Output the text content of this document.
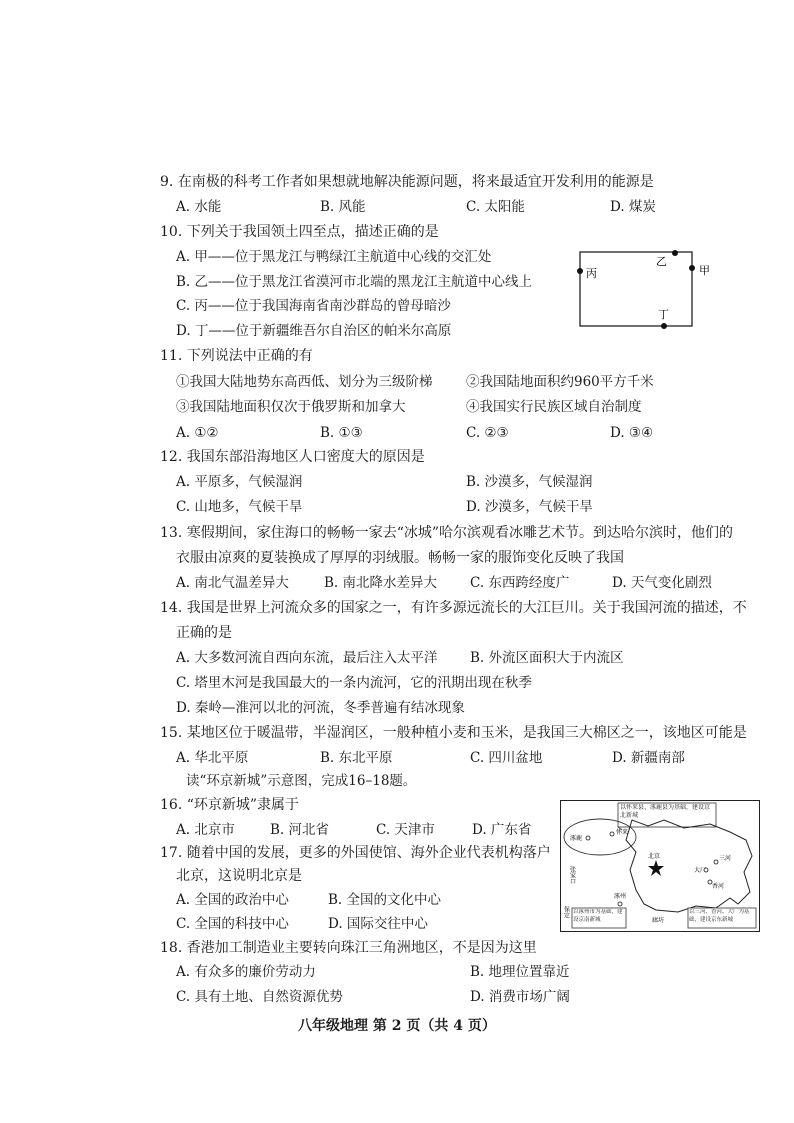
9. 在南极的科考工作者如果想就地解决能源问题，将来最适宜开发利用的能源是
A. 水能	B. 风能	C. 太阳能	D. 煤炭
10. 下列关于我国领土四至点，描述正确的是
A. 甲——位于黑龙江与鸭绿江主航道中心线的交汇处
B. 乙——位于黑龙江省漠河市北端的黑龙江主航道中心线上
C. 丙——位于我国海南省南沙群岛的曾母暗沙
D. 丁——位于新疆维吾尔自治区的帕米尔高原
乙
甲
丙
丁
11. 下列说法中正确的有
①我国大陆地势东高西低、划分为三级阶梯 ②我国陆地面积约960平方千米
③我国陆地面积仅次于俄罗斯和加拿大	④我国实行民族区域自治制度
A. ①②	B. ①③	C. ②③	D. ③④
12. 我国东部沿海地区人口密度大的原因是
A. 平原多，气候湿润	B. 沙漠多，气候湿润
C. 山地多，气候干旱	D. 沙漠多，气候干旱
13. 寒假期间，家住海口的畅畅一家去“冰城”哈尔滨观看冰雕艺术节。到达哈尔滨时，他们的
衣服由凉爽的夏装换成了厚厚的羽绒服。畅畅一家的服饰变化反映了我国
A. 南北气温差异大	B. 南北降水差异大 C. 东西跨经度广	D. 天气变化剧烈
14. 我国是世界上河流众多的国家之一，有许多源远流长的大江巨川。关于我国河流的描述，不
正确的是
A. 大多数河流自西向东流，最后注入太平洋 B. 外流区面积大于内流区
C. 塔里木河是我国最大的一条内流河，它的汛期出现在秋季
D. 秦岭—淮河以北的河流，冬季普遍有结冰现象
15. 某地区位于暖温带，半湿润区，一般种植小麦和玉米，是我国三大棉区之一，该地区可能是
A. 华北平原	B. 东北平原	C. 四川盆地	D. 新疆南部
读“环京新城”示意图，完成16–18题。
16. “环京新城”隶属于
A. 北京市	B. 河北省	C. 天津市	D. 广东省
17. 随着中国的发展，更多的外国使馆、海外企业代表机构落户
北京，这说明北京是
A. 全国的政治中心	B. 全国的文化中心
C. 全国的科技中心	D. 国际交往中心
以怀来县、涿鹿县为基础，建设京北新城
涿鹿
怀来
张家口
北京	三河
大厂
香河
涿州
保定
廊坊
以涿州市为基础，建设京南新城
以三河、香河、大厂为基础，建设京东新城
18. 香港加工制造业主要转向珠江三角洲地区，不是因为这里
A. 有众多的廉价劳动力	B. 地理位置靠近
C. 具有土地、自然资源优势	D. 消费市场广阔
八年级地理 第 2 页（共 4 页）
